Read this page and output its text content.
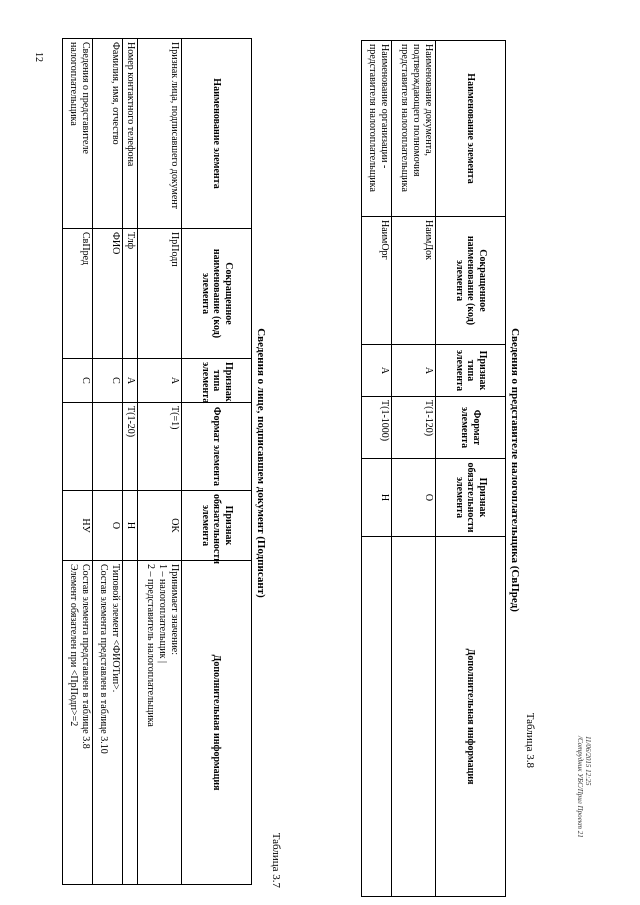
12
Таблица 3.7
Сведения о лице, подписавшем документ (Подписант)
Наименование элемента	Сокращенное наименование (код) элемента	Признак типа элемента	Формат элемента	Признак обязательности элемента	Дополнительная информация
Признак лица, подписавшего документ	ПрПодп	A	T(=1)	OK	Принимает значение:
1 – налогоплательщик |
2 – представитель налогоплательщика
Номер контактного телефона	Тлф	A	T(1-20)	H	
Фамилия, имя, отчество	ФИО	C		O	Типовой элемент <ФИОТип>.
Состав элемента представлен в таблице 3.10
Сведения о представителе налогоплательщика	СвПред	C		НУ	Состав элемента представлен в таблице 3.8
Элемент обязателен при <ПрПодп>=2
Таблица 3.8
Сведения о представителе налогоплательщика (СвПред)
Наименование элемента	Сокращенное наименование (код) элемента	Признак типа элемента	Формат элемента	Признак обязательности элемента	Дополнительная информация
Наименование документа, подтверждающего полномочия представителя налогоплательщика	НаимДок	A	T(1-120)	O	
Наименование организации - представителя налогоплательщика	НаимОрг	A	T(1-1000)	H	
11/06/2015 12:25
/Сотрудник УБС/Прил Проект 21
